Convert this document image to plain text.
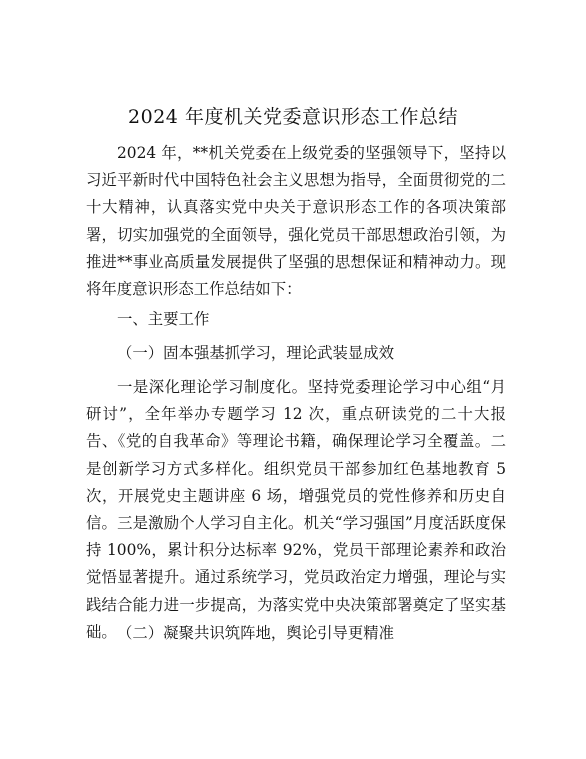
2024 年度机关党委意识形态工作总结

2024 年，**机关党委在上级党委的坚强领导下，坚持以习近平新时代中国特色社会主义思想为指导，全面贯彻党的二十大精神，认真落实党中央关于意识形态工作的各项决策部署，切实加强党的全面领导，强化党员干部思想政治引领，为推进**事业高质量发展提供了坚强的思想保证和精神动力。现将年度意识形态工作总结如下：

一、主要工作

（一）固本强基抓学习，理论武装显成效

一是深化理论学习制度化。坚持党委理论学习中心组“月研讨”，全年举办专题学习 12 次，重点研读党的二十大报告、《党的自我革命》等理论书籍，确保理论学习全覆盖。二是创新学习方式多样化。组织党员干部参加红色基地教育 5 次，开展党史主题讲座 6 场，增强党员的党性修养和历史自信。三是激励个人学习自主化。机关“学习强国”月度活跃度保持 100%，累计积分达标率 92%，党员干部理论素养和政治觉悟显著提升。通过系统学习，党员政治定力增强，理论与实践结合能力进一步提高，为落实党中央决策部署奠定了坚实基础。 （二）凝聚共识筑阵地，舆论引导更精准
